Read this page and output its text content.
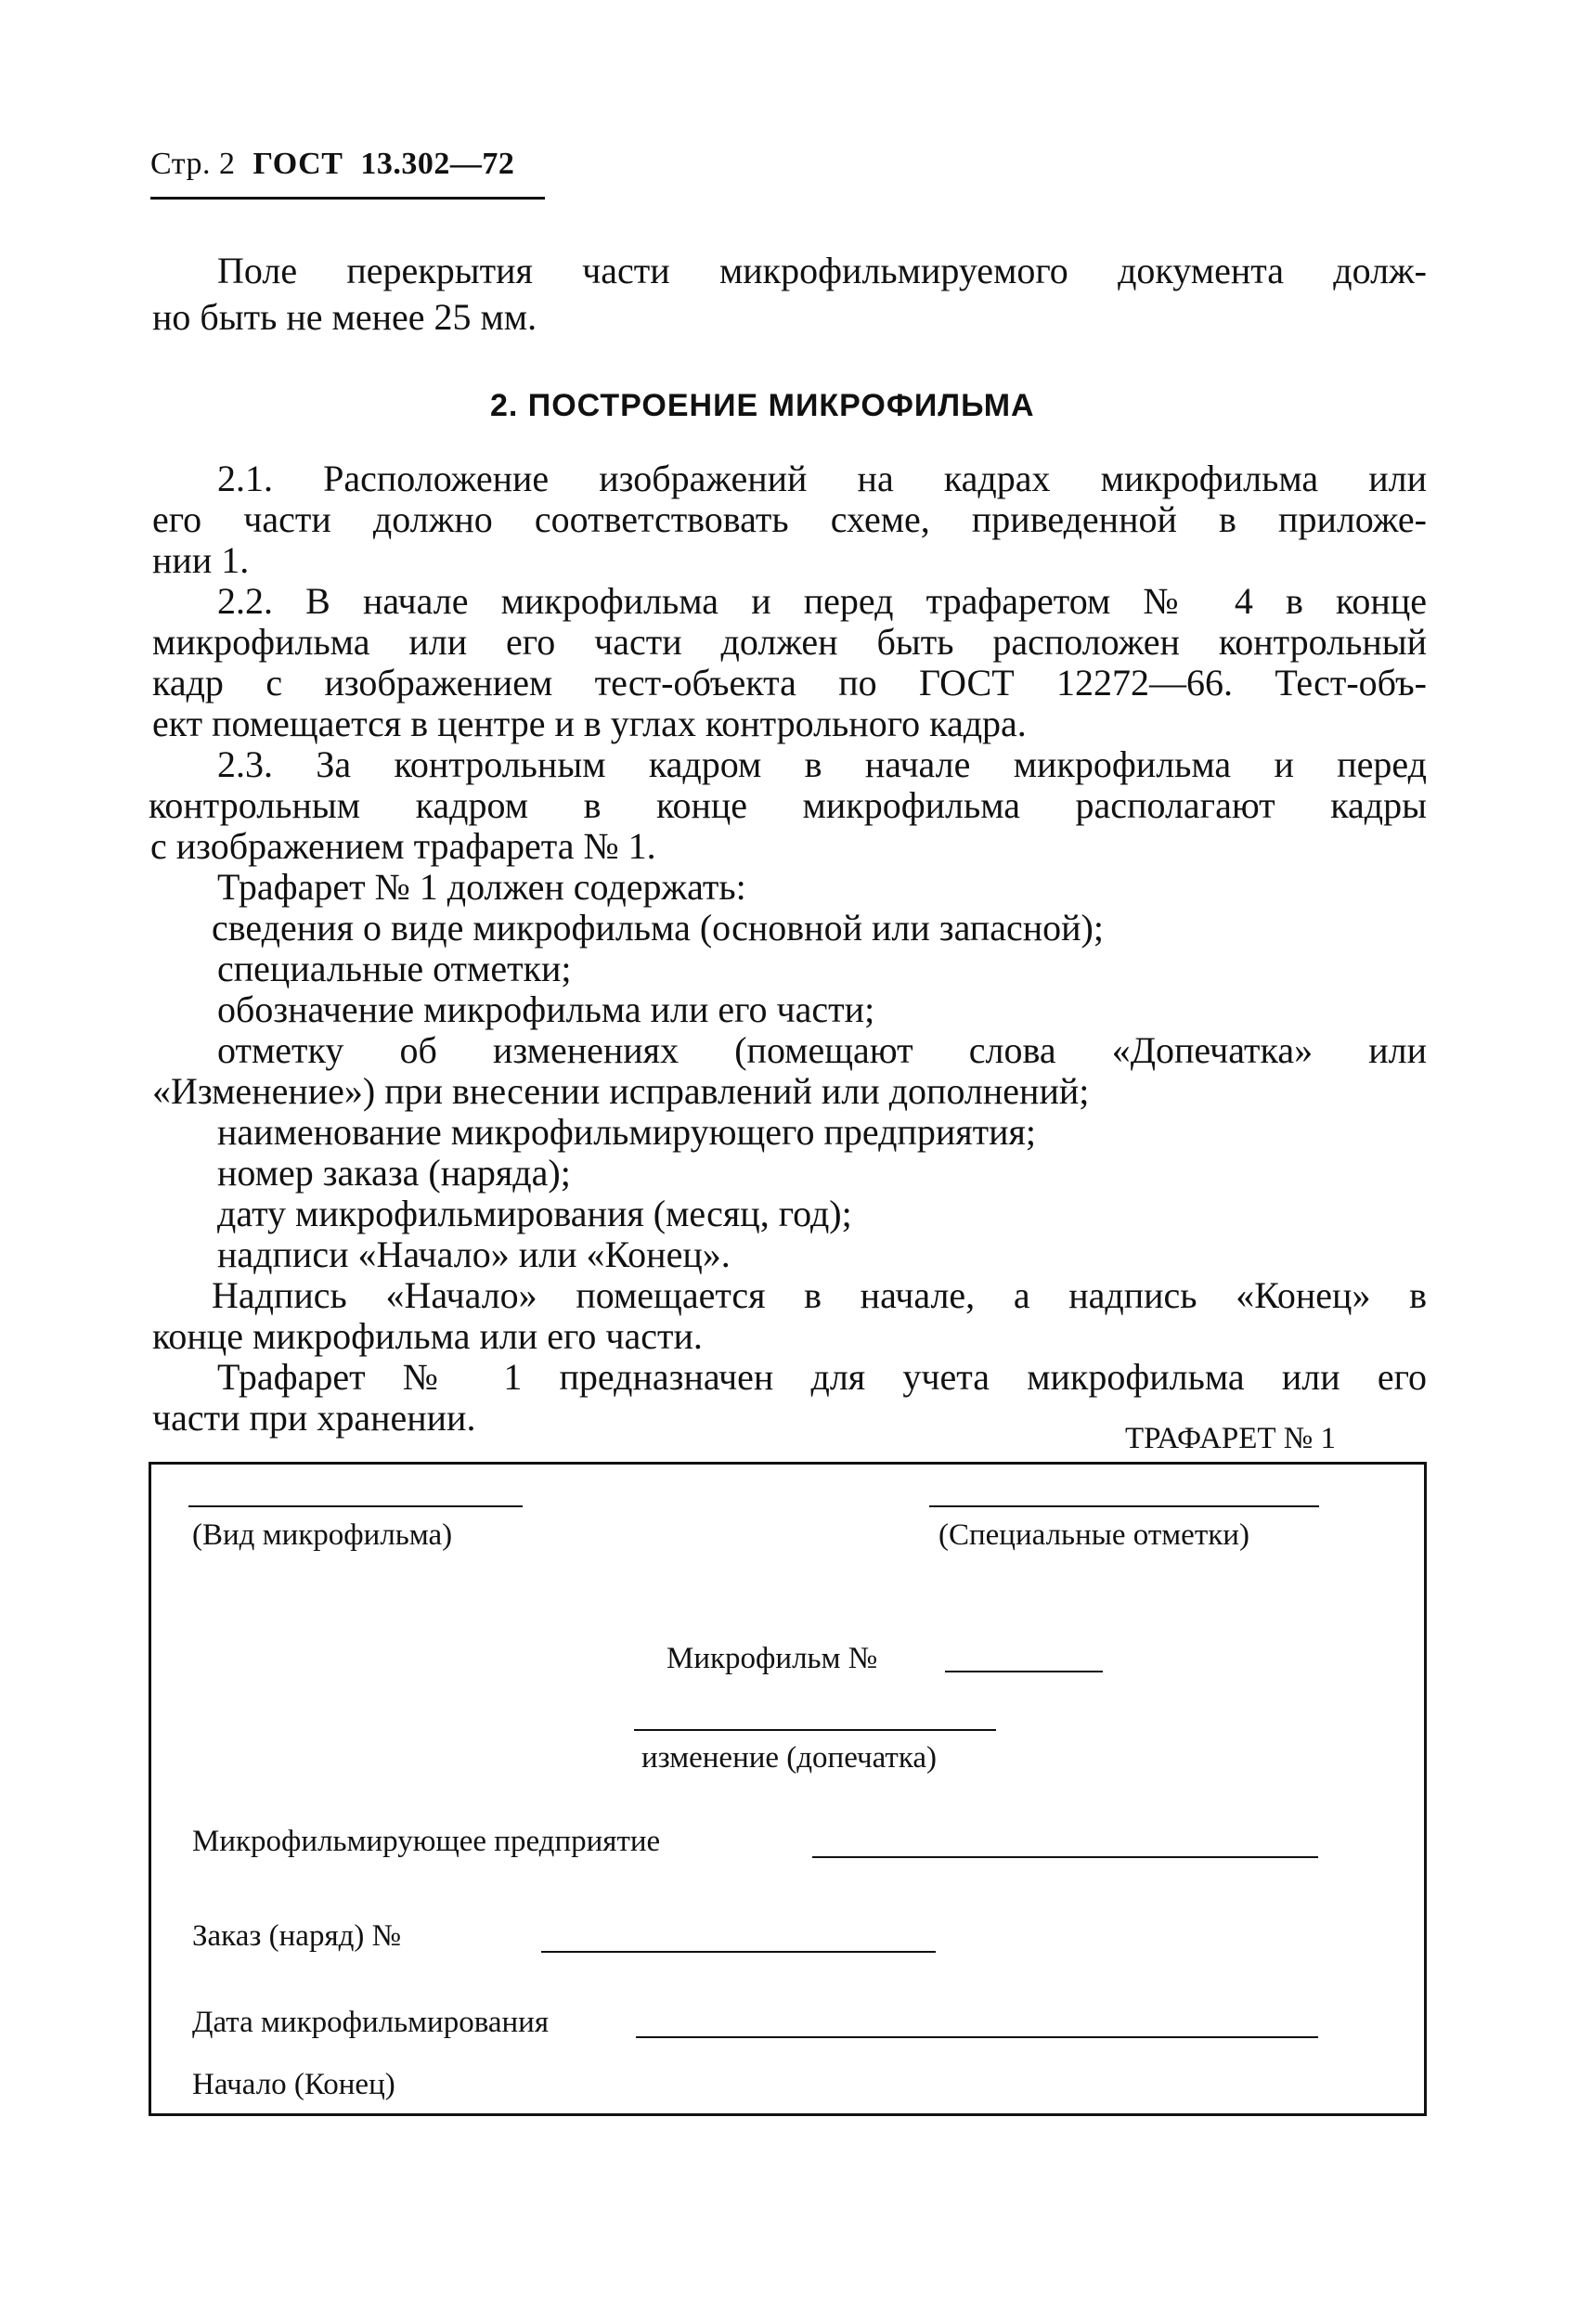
Стр. 2 ГОСТ 13.302—72
Поле перекрытия части микрофильмируемого документа долж-
но быть не менее 25 мм.
2. ПОСТРОЕНИЕ МИКРОФИЛЬМА
2.1. Расположение изображений на кадрах микрофильма или
его части должно соответствовать схеме, приведенной в приложе-
нии 1.
2.2. В начале микрофильма и перед трафаретом № 4 в конце
микрофильма или его части должен быть расположен контрольный
кадр с изображением тест-объекта по ГОСТ 12272—66. Тест-объ-
ект помещается в центре и в углах контрольного кадра.
2.3. За контрольным кадром в начале микрофильма и перед
контрольным кадром в конце микрофильма располагают кадры
с изображением трафарета № 1.
Трафарет № 1 должен содержать:
сведения о виде микрофильма (основной или запасной);
специальные отметки;
обозначение микрофильма или его части;
отметку об изменениях (помещают слова «Допечатка» или
«Изменение») при внесении исправлений или дополнений;
наименование микрофильмирующего предприятия;
номер заказа (наряда);
дату микрофильмирования (месяц, год);
надписи «Начало» или «Конец».
Надпись «Начало» помещается в начале, а надпись «Конец» в
конце микрофильма или его части.
Трафарет № 1 предназначен для учета микрофильма или его
части при хранении.	ТРАФАРЕТ № 1
(Вид микрофильма)	(Специальные отметки)
Микрофильм №
изменение (допечатка)
Микрофильмирующее предприятие
Заказ (наряд) №
Дата микрофильмирования
Начало (Конец)
